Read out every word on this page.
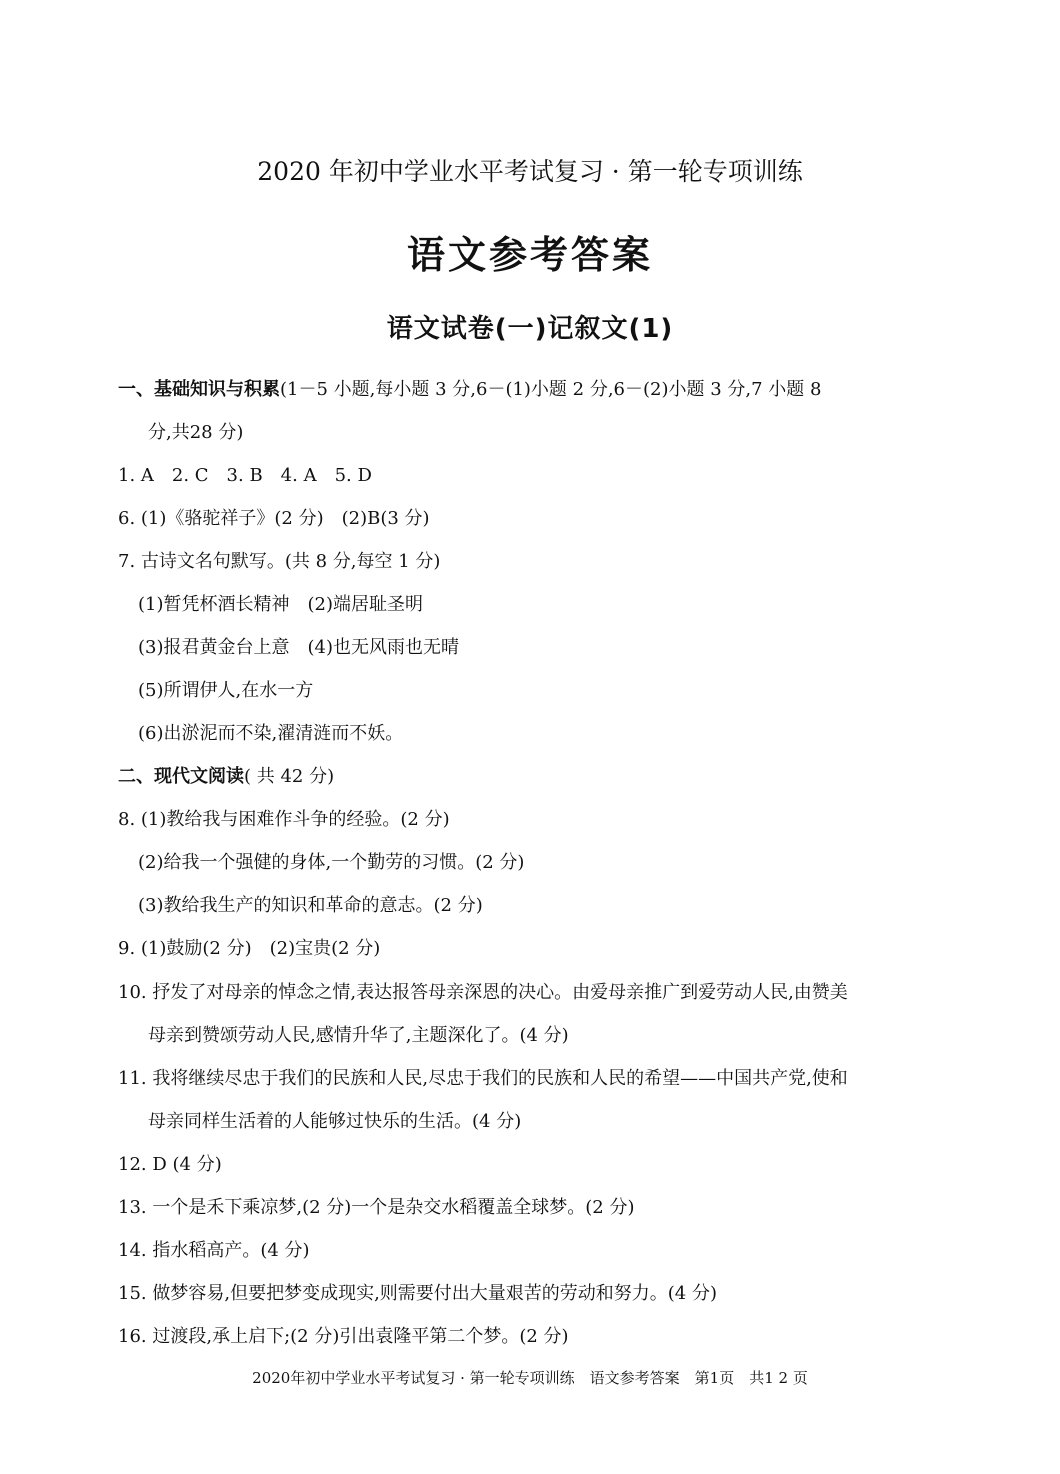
2020 年初中学业水平考试复习 · 第一轮专项训练

语文参考答案

语文试卷(一)记叙文(1)

一、基础知识与积累(1－5 小题,每小题 3 分,6－(1)小题 2 分,6－(2)小题 3 分,7 小题 8

分,共28 分)

1. A　2. C　3. B　4. A　5. D

6. (1)《骆驼祥子》(2 分)　(2)B(3 分)

7. 古诗文名句默写。(共 8 分,每空 1 分)

(1)暂凭杯酒长精神　(2)端居耻圣明

(3)报君黄金台上意　(4)也无风雨也无晴

(5)所谓伊人,在水一方

(6)出淤泥而不染,濯清涟而不妖。

二、现代文阅读( 共 42 分)

8. (1)教给我与困难作斗争的经验。(2 分)

(2)给我一个强健的身体,一个勤劳的习惯。(2 分)

(3)教给我生产的知识和革命的意志。(2 分)

9. (1)鼓励(2 分)　(2)宝贵(2 分)

10. 抒发了对母亲的悼念之情,表达报答母亲深恩的决心。由爱母亲推广到爱劳动人民,由赞美

母亲到赞颂劳动人民,感情升华了,主题深化了。(4 分)

11. 我将继续尽忠于我们的民族和人民,尽忠于我们的民族和人民的希望——中国共产党,使和

母亲同样生活着的人能够过快乐的生活。(4 分)

12. D (4 分)

13. 一个是禾下乘凉梦,(2 分)一个是杂交水稻覆盖全球梦。(2 分)

14. 指水稻高产。(4 分)

15. 做梦容易,但要把梦变成现实,则需要付出大量艰苦的劳动和努力。(4 分)

16. 过渡段,承上启下;(2 分)引出袁隆平第二个梦。(2 分)

2020年初中学业水平考试复习 · 第一轮专项训练　语文参考答案　第1页　共1 2 页
